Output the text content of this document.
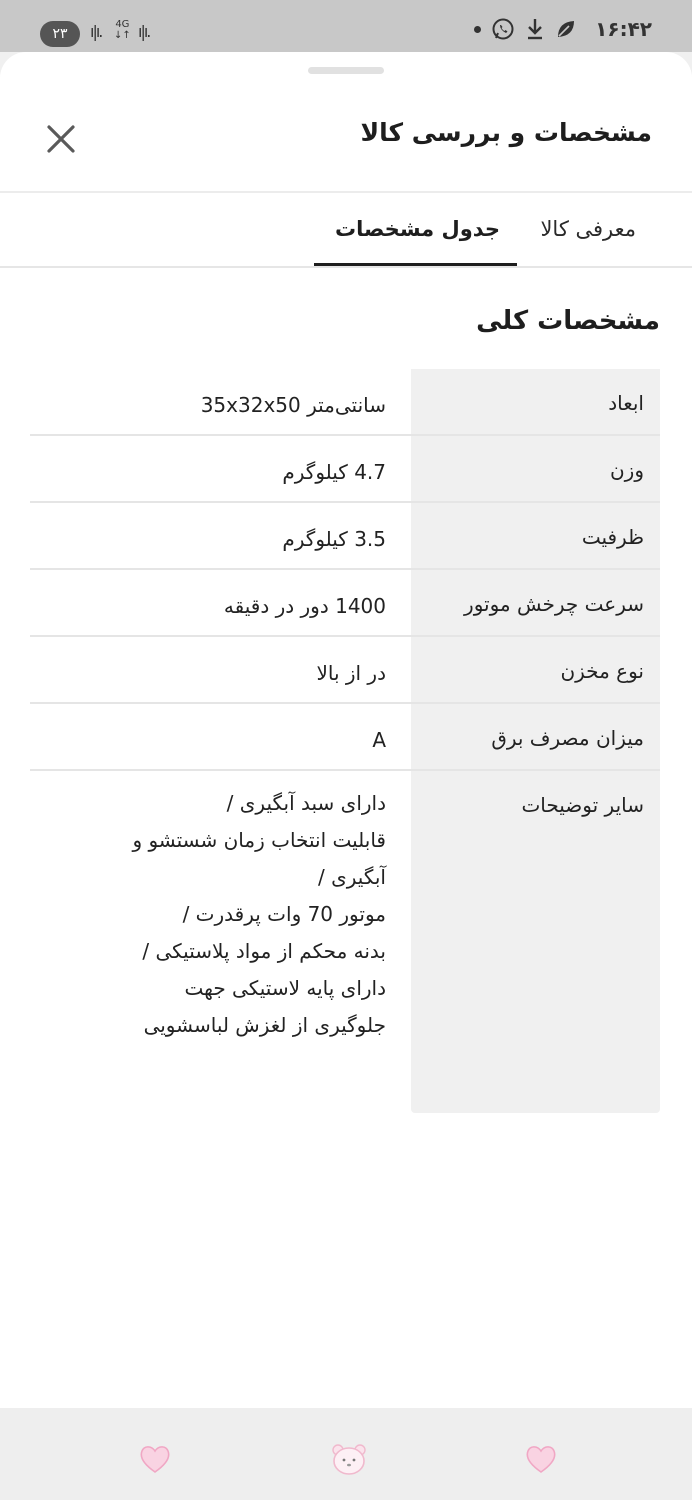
۲۳	ı|ı. 4G
↓↑ ı|ı.	۱۶:۴۲
مشخصات و بررسی کالا
معرفی کالا
جدول مشخصات
مشخصات کلی
ابعاد
سانتی‌متر 35x32x50
وزن
4.7 کیلوگرم
ظرفیت
3.5 کیلوگرم
سرعت چرخش موتور
1400 دور در دقیقه
نوع مخزن
در از بالا
میزان مصرف برق
A
سایر توضیحات
دارای سبد آبگیری /
قابلیت انتخاب زمان شستشو و
آبگیری /
موتور 70 وات پرقدرت /
بدنه محکم از مواد پلاستیکی /
دارای پایه لاستیکی جهت
جلوگیری از لغزش لباسشویی
